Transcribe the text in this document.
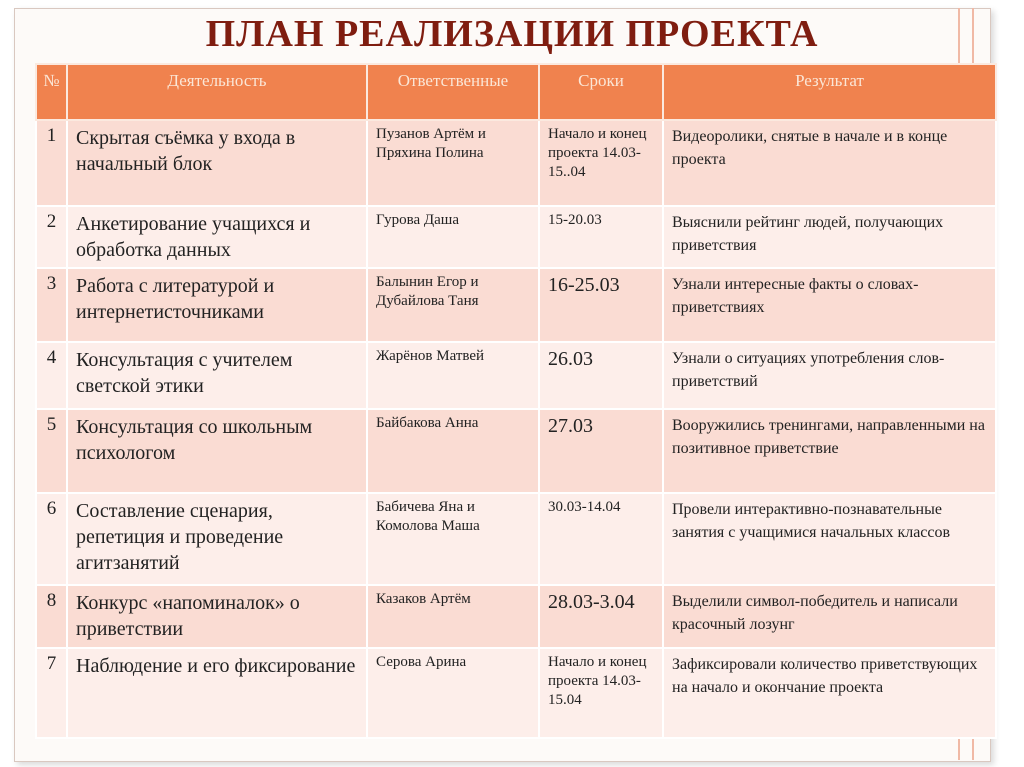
ПЛАН РЕАЛИЗАЦИИ ПРОЕКТА
№	Деятельность	Ответственные	Сроки	Результат
1	Скрытая съёмка у входа в начальный блок	Пузанов Артём и Пряхина Полина	Начало и конец проекта 14.03-15..04	Видеоролики, снятые в начале и в конце проекта
2	Анкетирование учащихся и обработка данных	Гурова Даша	15-20.03	Выяснили рейтинг людей, получающих приветствия
3	Работа с литературой и интернетисточниками	Балынин Егор и Дубайлова Таня	16-25.03	Узнали интересные факты о словах-приветствиях
4	Консультация с учителем светской этики	Жарёнов Матвей	26.03	Узнали о ситуациях употребления слов-приветствий
5	Консультация со школьным психологом	Байбакова Анна	27.03	Вооружились тренингами, направленными на позитивное приветствие
6	Составление сценария, репетиция и проведение агитзанятий	Бабичева Яна и Комолова Маша	30.03-14.04	Провели интерактивно-познавательные занятия с учащимися начальных классов
8	Конкурс «напоминалок» о приветствии	Казаков Артём	28.03-3.04	Выделили символ-победитель и написали красочный лозунг
7	Наблюдение и его фиксирование	Серова Арина	Начало и конец проекта 14.03-15.04	Зафиксировали количество приветствующих на начало и окончание проекта
